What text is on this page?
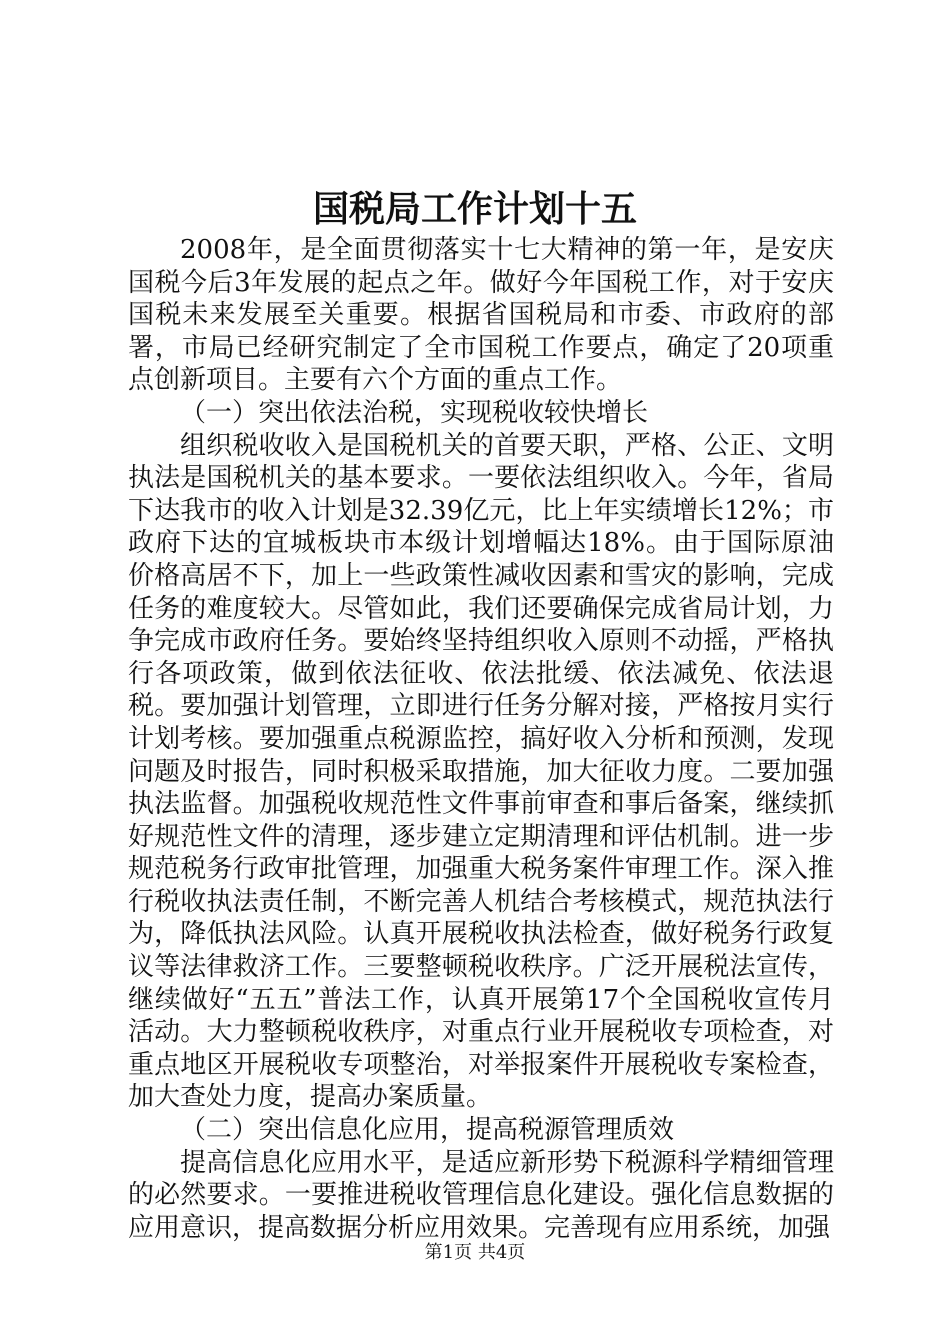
国税局工作计划十五

2008年，是全面贯彻落实十七大精神的第一年，是安庆国税今后3年发展的起点之年。做好今年国税工作，对于安庆国税未来发展至关重要。根据省国税局和市委、市政府的部署，市局已经研究制定了全市国税工作要点，确定了20项重点创新项目。主要有六个方面的重点工作。

（一）突出依法治税，实现税收较快增长

组织税收收入是国税机关的首要天职，严格、公正、文明执法是国税机关的基本要求。一要依法组织收入。今年，省局下达我市的收入计划是32.39亿元，比上年实绩增长12%；市政府下达的宜城板块市本级计划增幅达18%。由于国际原油价格高居不下，加上一些政策性减收因素和雪灾的影响，完成任务的难度较大。尽管如此，我们还要确保完成省局计划，力争完成市政府任务。要始终坚持组织收入原则不动摇，严格执行各项政策，做到依法征收、依法批缓、依法减免、依法退税。要加强计划管理，立即进行任务分解对接，严格按月实行计划考核。要加强重点税源监控，搞好收入分析和预测，发现问题及时报告，同时积极采取措施，加大征收力度。二要加强执法监督。加强税收规范性文件事前审查和事后备案，继续抓好规范性文件的清理，逐步建立定期清理和评估机制。进一步规范税务行政审批管理，加强重大税务案件审理工作。深入推行税收执法责任制，不断完善人机结合考核模式，规范执法行为，降低执法风险。认真开展税收执法检查，做好税务行政复议等法律救济工作。三要整顿税收秩序。广泛开展税法宣传，继续做好“五五”普法工作，认真开展第17个全国税收宣传月活动。大力整顿税收秩序，对重点行业开展税收专项检查，对重点地区开展税收专项整治，对举报案件开展税收专案检查，加大查处力度，提高办案质量。

（二）突出信息化应用，提高税源管理质效

提高信息化应用水平，是适应新形势下税源科学精细管理的必然要求。一要推进税收管理信息化建设。强化信息数据的应用意识，提高数据分析应用效果。完善现有应用系统，加强

第1页 共4页
